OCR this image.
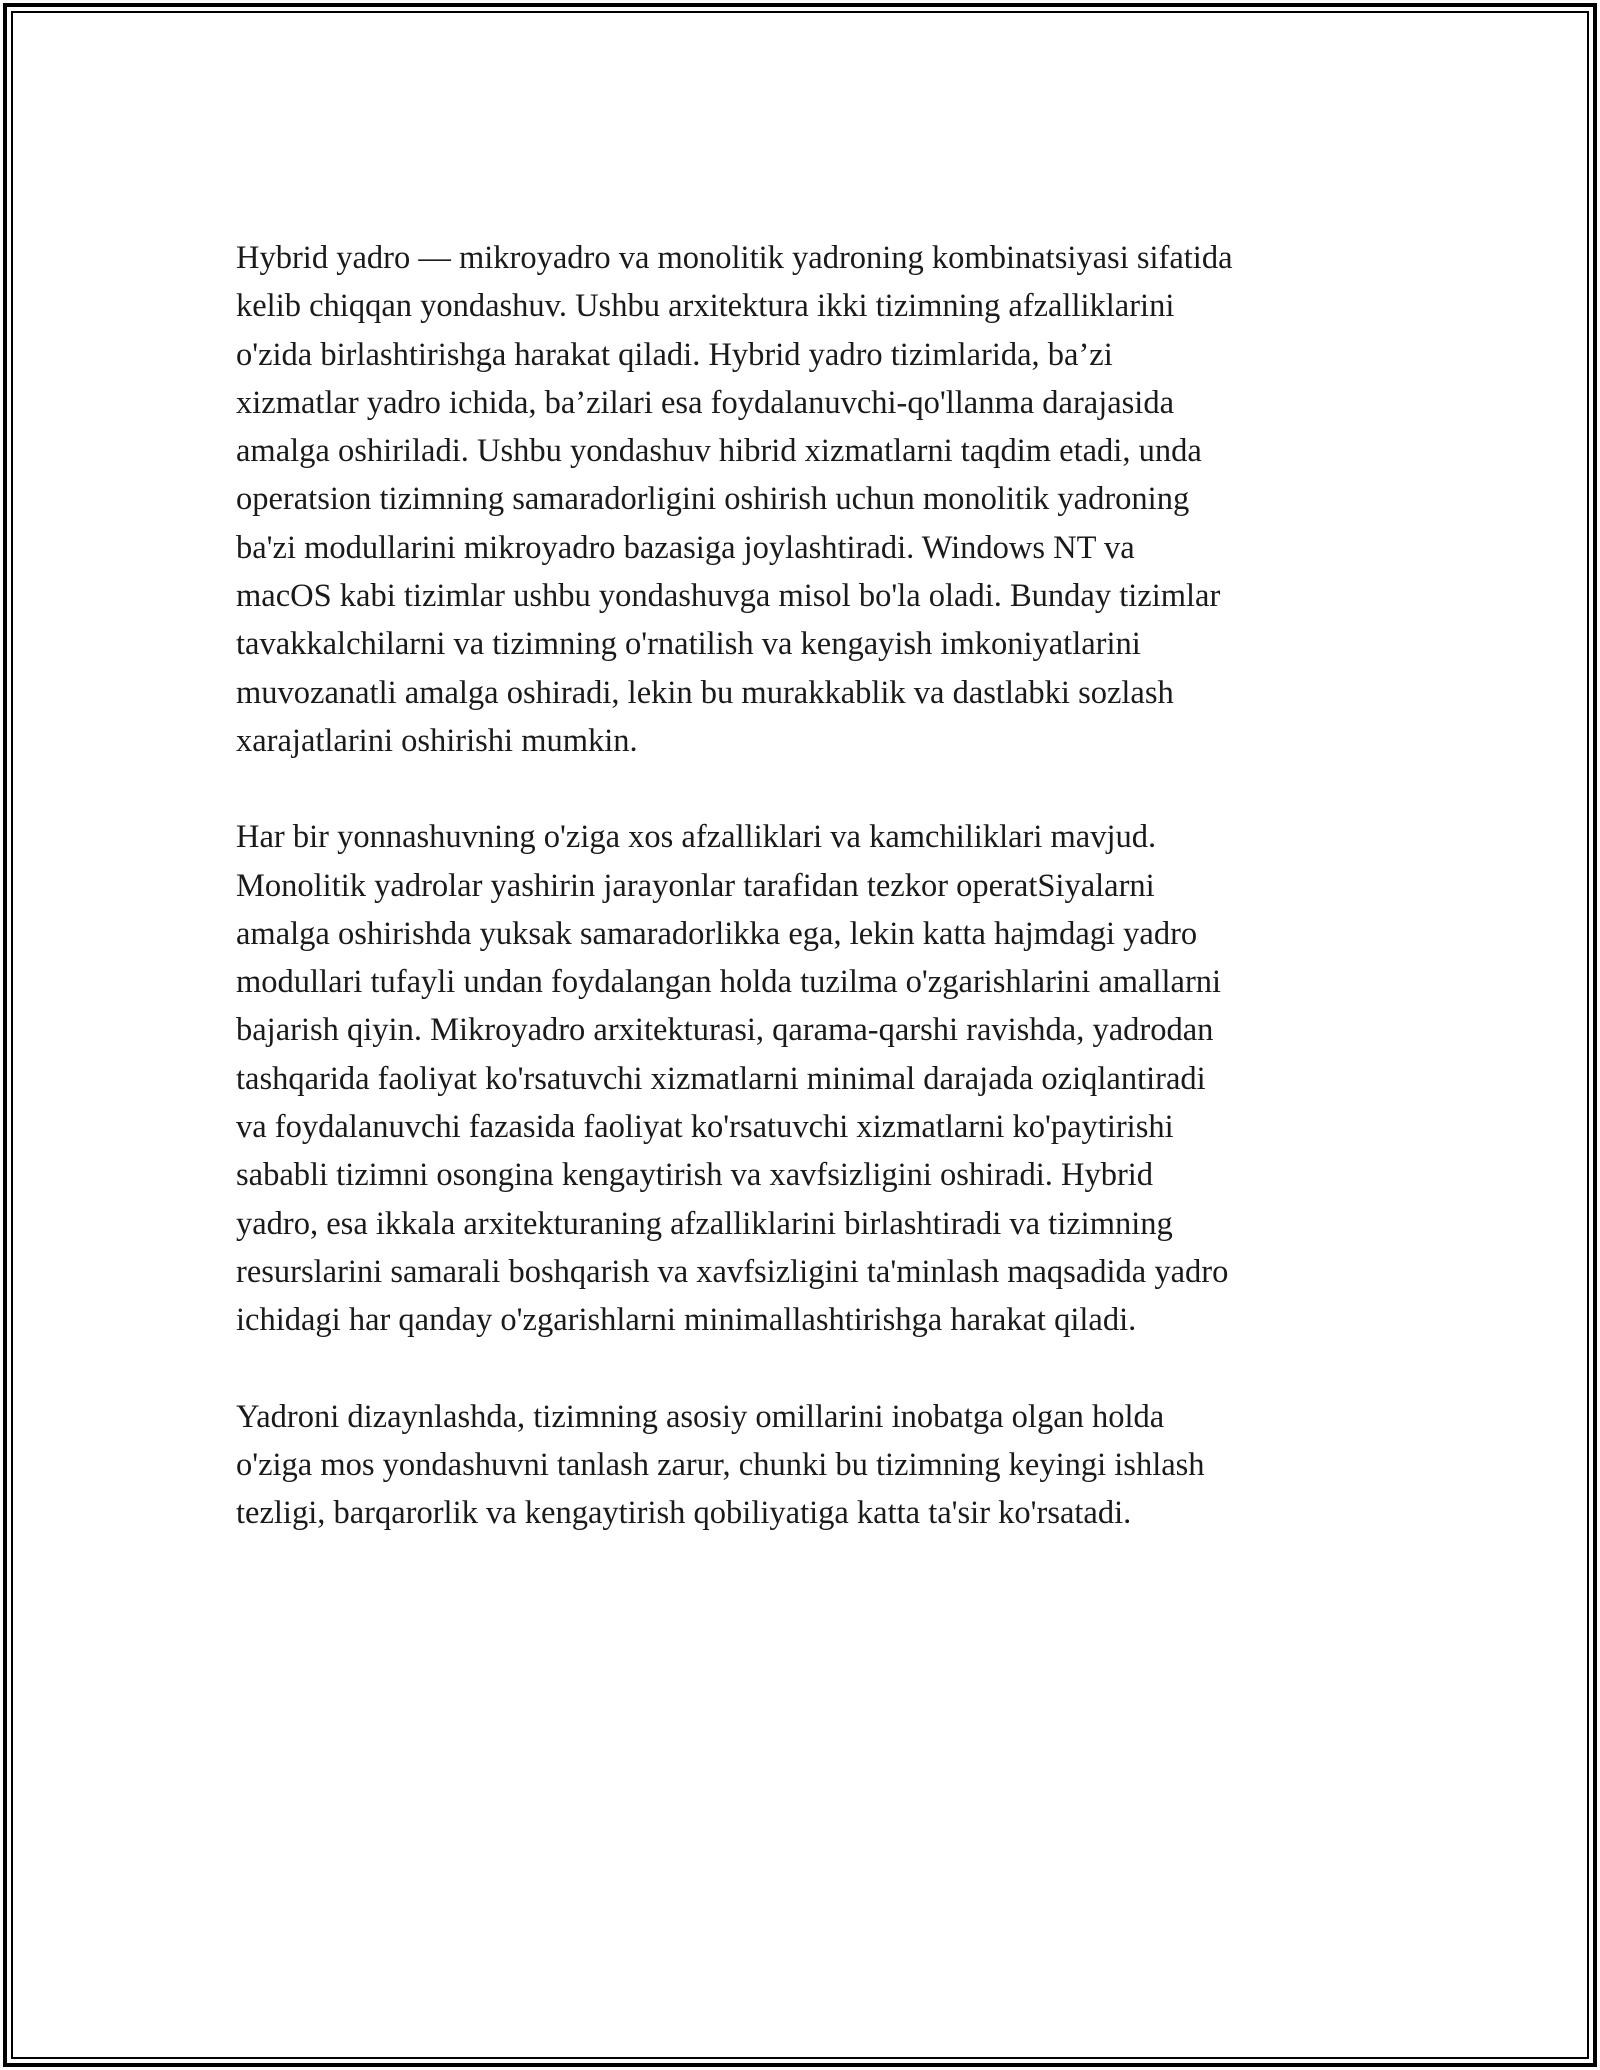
Hybrid yadro — mikroyadro va monolitik yadroning kombinatsiyasi sifatida
kelib chiqqan yondashuv. Ushbu arxitektura ikki tizimning afzalliklarini
o'zida birlashtirishga harakat qiladi. Hybrid yadro tizimlarida, ba’zi
xizmatlar yadro ichida, ba’zilari esa foydalanuvchi-qo'llanma darajasida
amalga oshiriladi. Ushbu yondashuv hibrid xizmatlarni taqdim etadi, unda
operatsion tizimning samaradorligini oshirish uchun monolitik yadroning
ba'zi modullarini mikroyadro bazasiga joylashtiradi. Windows NT va
macOS kabi tizimlar ushbu yondashuvga misol bo'la oladi. Bunday tizimlar
tavakkalchilarni va tizimning o'rnatilish va kengayish imkoniyatlarini
muvozanatli amalga oshiradi, lekin bu murakkablik va dastlabki sozlash
xarajatlarini oshirishi mumkin.

Har bir yonnashuvning o'ziga xos afzalliklari va kamchiliklari mavjud.
Monolitik yadrolar yashirin jarayonlar tarafidan tezkor operatSiyalarni
amalga oshirishda yuksak samaradorlikka ega, lekin katta hajmdagi yadro
modullari tufayli undan foydalangan holda tuzilma o'zgarishlarini amallarni
bajarish qiyin. Mikroyadro arxitekturasi, qarama-qarshi ravishda, yadrodan
tashqarida faoliyat ko'rsatuvchi xizmatlarni minimal darajada oziqlantiradi
va foydalanuvchi fazasida faoliyat ko'rsatuvchi xizmatlarni ko'paytirishi
sababli tizimni osongina kengaytirish va xavfsizligini oshiradi. Hybrid
yadro, esa ikkala arxitekturaning afzalliklarini birlashtiradi va tizimning
resurslarini samarali boshqarish va xavfsizligini ta'minlash maqsadida yadro
ichidagi har qanday o'zgarishlarni minimallashtirishga harakat qiladi.

Yadroni dizaynlashda, tizimning asosiy omillarini inobatga olgan holda
o'ziga mos yondashuvni tanlash zarur, chunki bu tizimning keyingi ishlash
tezligi, barqarorlik va kengaytirish qobiliyatiga katta ta'sir ko'rsatadi.
